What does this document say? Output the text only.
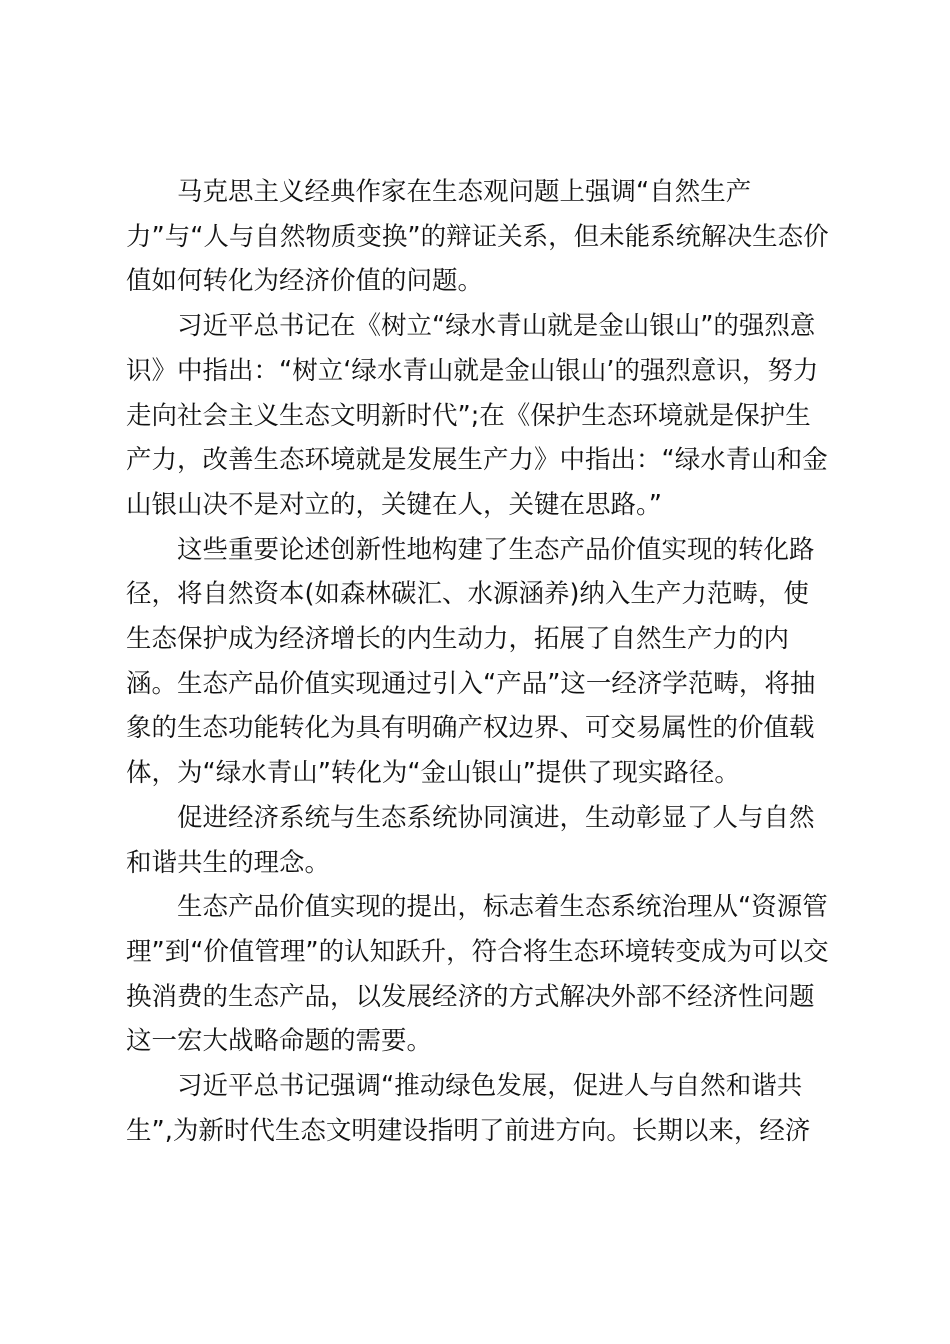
马克思主义经典作家在生态观问题上强调“自然生产
力”与“人与自然物质变换”的辩证关系，但未能系统解决生态价
值如何转化为经济价值的问题。

习近平总书记在《树立“绿水青山就是金山银山”的强烈意
识》中指出：“树立‘绿水青山就是金山银山’的强烈意识，努力
走向社会主义生态文明新时代”;在《保护生态环境就是保护生
产力，改善生态环境就是发展生产力》中指出：“绿水青山和金
山银山决不是对立的，关键在人，关键在思路。”

这些重要论述创新性地构建了生态产品价值实现的转化路
径，将自然资本(如森林碳汇、水源涵养)纳入生产力范畴，使
生态保护成为经济增长的内生动力，拓展了自然生产力的内
涵。生态产品价值实现通过引入“产品”这一经济学范畴，将抽
象的生态功能转化为具有明确产权边界、可交易属性的价值载
体，为“绿水青山”转化为“金山银山”提供了现实路径。

促进经济系统与生态系统协同演进，生动彰显了人与自然
和谐共生的理念。

生态产品价值实现的提出，标志着生态系统治理从“资源管
理”到“价值管理”的认知跃升，符合将生态环境转变成为可以交
换消费的生态产品，以发展经济的方式解决外部不经济性问题
这一宏大战略命题的需要。

习近平总书记强调“推动绿色发展，促进人与自然和谐共
生”,为新时代生态文明建设指明了前进方向。长期以来，经济
